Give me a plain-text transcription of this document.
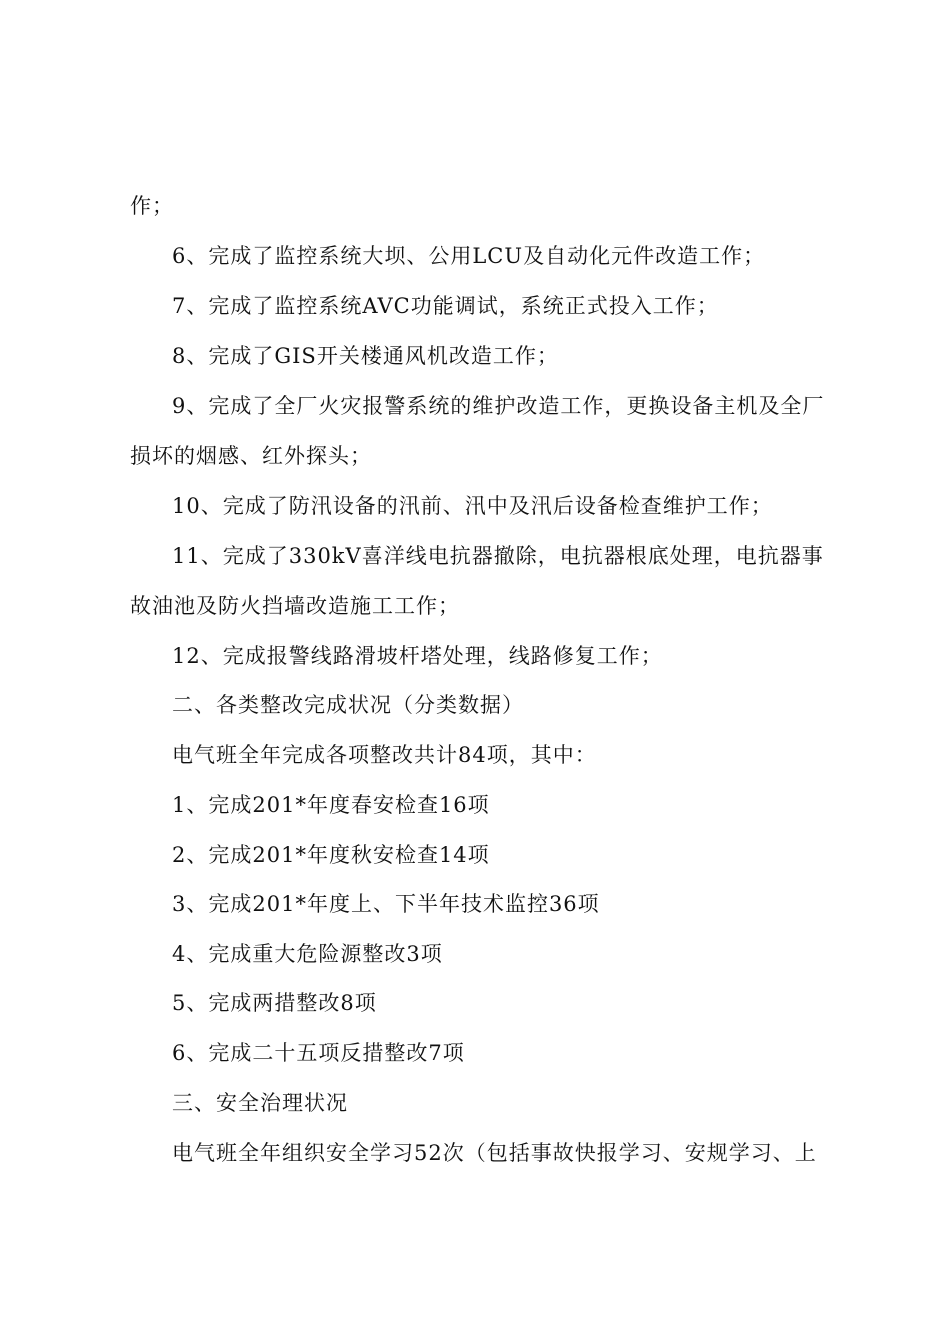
作；
6、完成了监控系统大坝、公用LCU及自动化元件改造工作；
7、完成了监控系统AVC功能调试，系统正式投入工作；
8、完成了GIS开关楼通风机改造工作；
9、完成了全厂火灾报警系统的维护改造工作，更换设备主机及全厂
损坏的烟感、红外探头；
10、完成了防汛设备的汛前、汛中及汛后设备检查维护工作；
11、完成了330kV喜洋线电抗器撤除，电抗器根底处理，电抗器事
故油池及防火挡墙改造施工工作；
12、完成报警线路滑坡杆塔处理，线路修复工作；
二、各类整改完成状况（分类数据）
电气班全年完成各项整改共计84项，其中：
1、完成201*年度春安检查16项
2、完成201*年度秋安检查14项
3、完成201*年度上、下半年技术监控36项
4、完成重大危险源整改3项
5、完成两措整改8项
6、完成二十五项反措整改7项
三、安全治理状况
电气班全年组织安全学习52次（包括事故快报学习、安规学习、上
